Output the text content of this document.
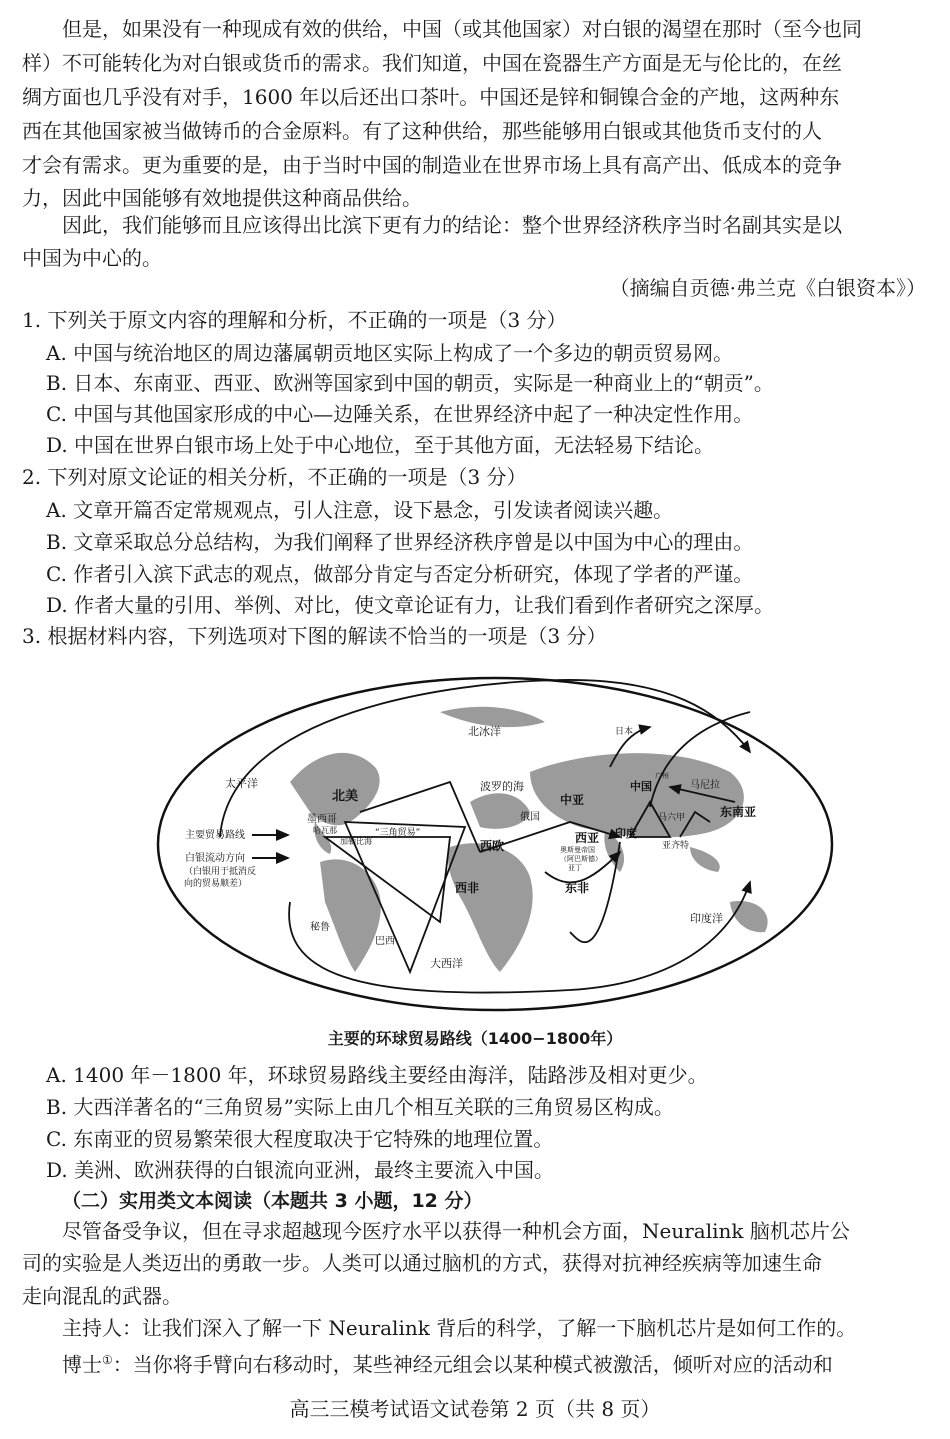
但是，如果没有一种现成有效的供给，中国（或其他国家）对白银的渴望在那时（至今也同
样）不可能转化为对白银或货币的需求。我们知道，中国在瓷器生产方面是无与伦比的，在丝
绸方面也几乎没有对手，1600 年以后还出口茶叶。中国还是锌和铜镍合金的产地，这两种东
西在其他国家被当做铸币的合金原料。有了这种供给，那些能够用白银或其他货币支付的人
才会有需求。更为重要的是，由于当时中国的制造业在世界市场上具有高产出、低成本的竞争
力，因此中国能够有效地提供这种商品供给。
因此，我们能够而且应该得出比滨下更有力的结论：整个世界经济秩序当时名副其实是以
中国为中心的。
（摘编自贡德·弗兰克《白银资本》）
1. 下列关于原文内容的理解和分析，不正确的一项是（3 分）
A. 中国与统治地区的周边藩属朝贡地区实际上构成了一个多边的朝贡贸易网。
B. 日本、东南亚、西亚、欧洲等国家到中国的朝贡，实际是一种商业上的“朝贡”。
C. 中国与其他国家形成的中心—边陲关系，在世界经济中起了一种决定性作用。
D. 中国在世界白银市场上处于中心地位，至于其他方面，无法轻易下结论。
2. 下列对原文论证的相关分析，不正确的一项是（3 分）
A. 文章开篇否定常规观点，引人注意，设下悬念，引发读者阅读兴趣。
B. 文章采取总分总结构，为我们阐释了世界经济秩序曾是以中国为中心的理由。
C. 作者引入滨下武志的观点，做部分肯定与否定分析研究，体现了学者的严谨。
D. 作者大量的引用、举例、对比，使文章论证有力，让我们看到作者研究之深厚。
3. 根据材料内容，下列选项对下图的解读不恰当的一项是（3 分）
太平洋
北冰洋
大西洋
印度洋
主要贸易路线
白银流动方向
（白银用于抵消反
向的贸易顺差）
北美
墨西哥
哈瓦那
加勒比海
“三角贸易”
秘鲁
巴西
西非
西欧
波罗的海
俄国
中亚
西亚
东非
奥斯曼帝国
（阿巴斯德）
亚丁
印度
中国
日本
广州
马尼拉
东南亚
马六甲
亚齐特
主要的环球贸易路线（1400−1800年）
A. 1400 年－1800 年，环球贸易路线主要经由海洋，陆路涉及相对更少。
B. 大西洋著名的“三角贸易”实际上由几个相互关联的三角贸易区构成。
C. 东南亚的贸易繁荣很大程度取决于它特殊的地理位置。
D. 美洲、欧洲获得的白银流向亚洲，最终主要流入中国。
（二）实用类文本阅读（本题共 3 小题，12 分）
尽管备受争议，但在寻求超越现今医疗水平以获得一种机会方面，Neuralink 脑机芯片公
司的实验是人类迈出的勇敢一步。人类可以通过脑机的方式，获得对抗神经疾病等加速生命
走向混乱的武器。
主持人：让我们深入了解一下 Neuralink 背后的科学，了解一下脑机芯片是如何工作的。
博士①：当你将手臂向右移动时，某些神经元组会以某种模式被激活，倾听对应的活动和
高三三模考试语文试卷第 2 页（共 8 页）
